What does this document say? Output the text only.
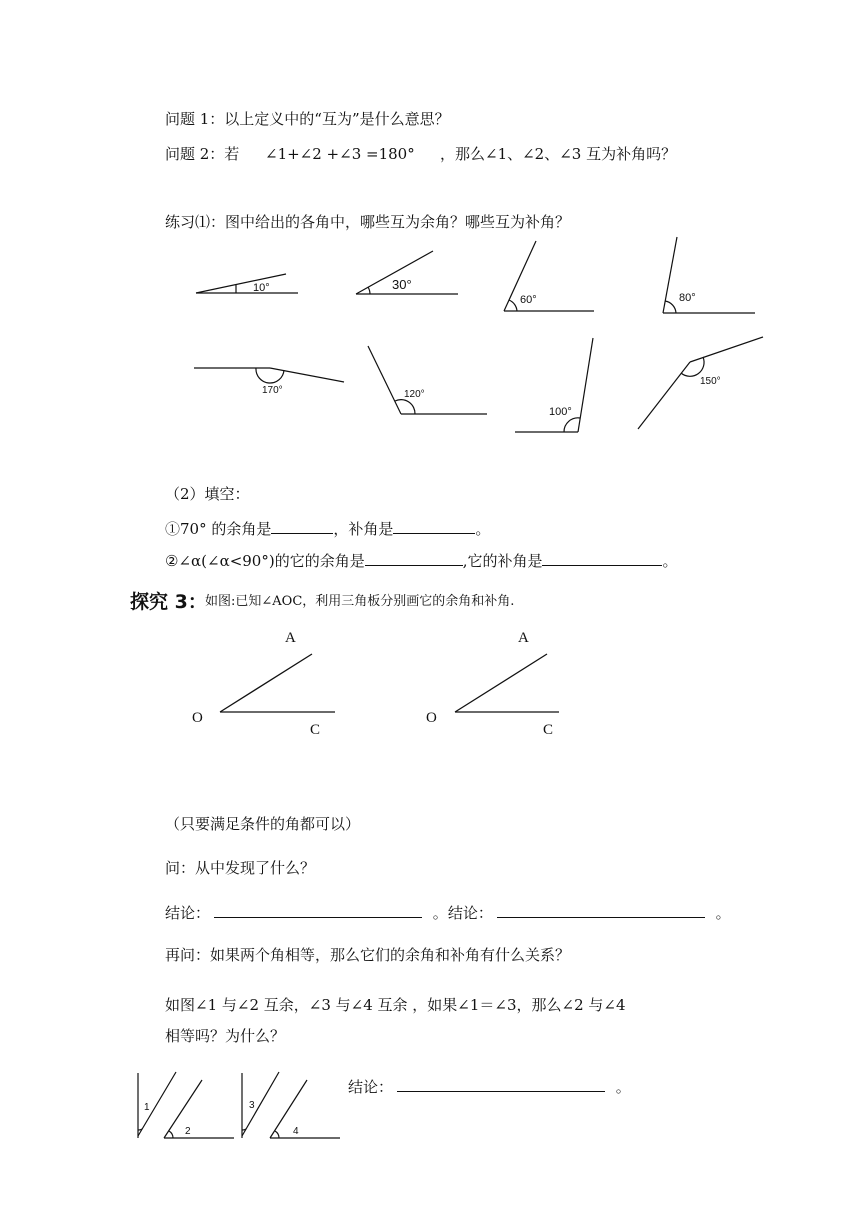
问题 1：以上定义中的“互为”是什么意思？
问题 2：若 ∠1+∠2 +∠3 =180° ，那么∠1、∠2、∠3 互为补角吗？
练习⑴：图中给出的各角中，哪些互为余角？哪些互为补角？
10°	30°
60°	80°
170°	120°
100°
150°
（2）填空：
①70° 的余角是	，补角是	。
②∠α(∠α<90°)的它的余角是	,它的补角是	。
探究 3：
如图:已知∠AOC，利用三角板分别画它的余角和补角.
A
O
C
A
O
C
（只要满足条件的角都可以）
问：从中发现了什么？
结论：	。结论：	。
再问：如果两个角相等，那么它们的余角和补角有什么关系？
如图∠1 与∠2 互余，∠3 与∠4 互余 ，如果∠1＝∠3，那么∠2 与∠4
相等吗？为什么？
1
2
3
4
结论：	。
